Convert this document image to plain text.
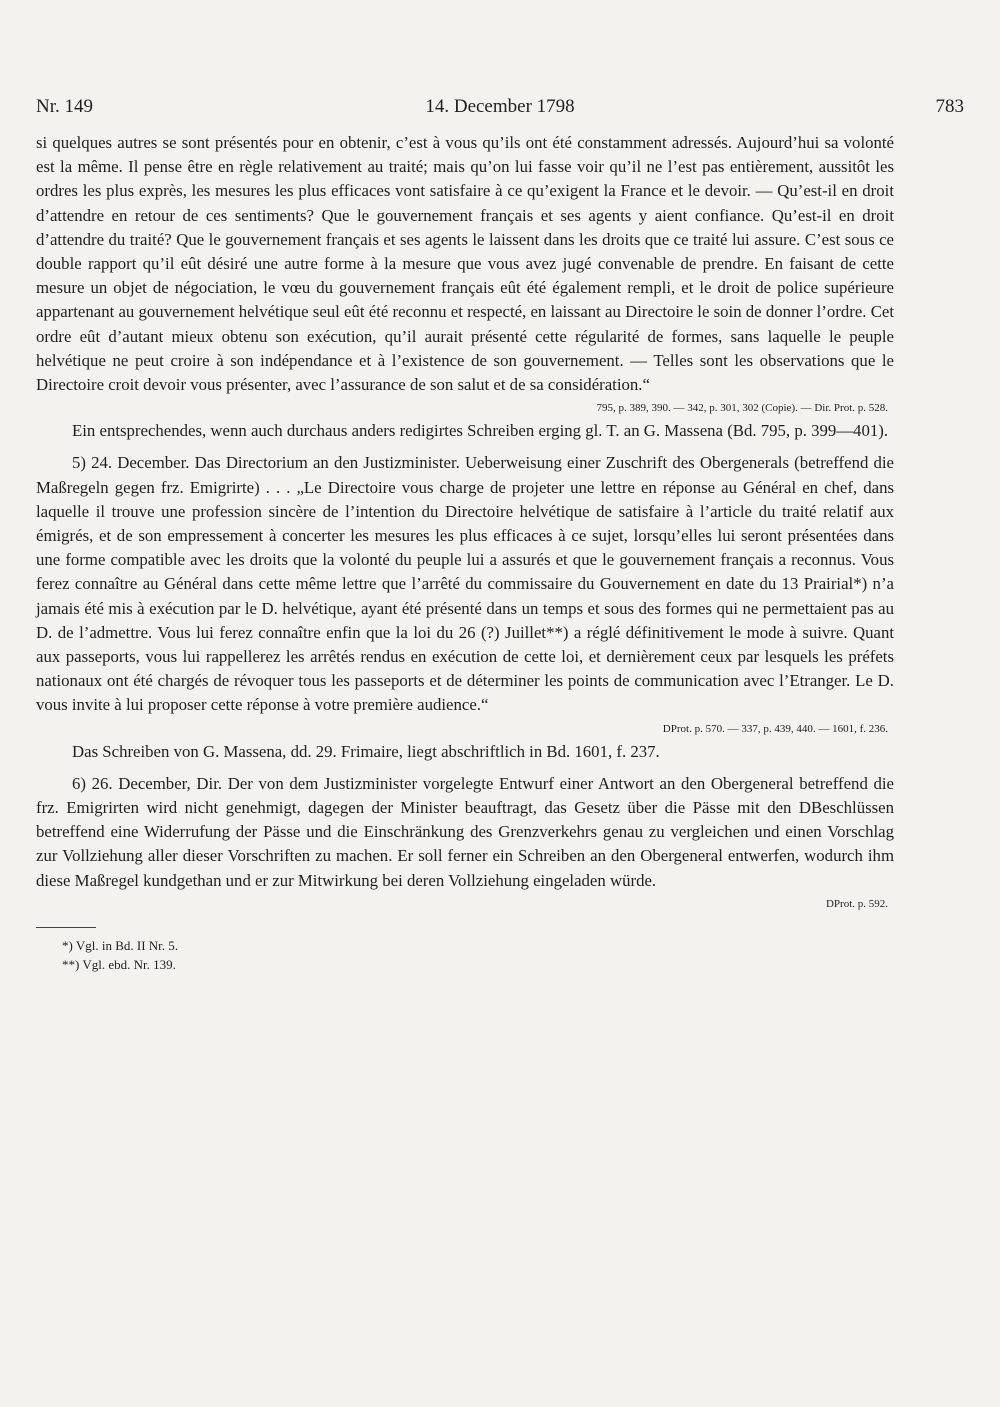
Nr. 149	14. December 1798	783

si quelques autres se sont présentés pour en obtenir, c’est à vous qu’ils ont été constamment adressés. Aujourd’hui sa volonté est la même. Il pense être en règle relativement au traité; mais qu’on lui fasse voir qu’il ne l’est pas entièrement, aussitôt les ordres les plus exprès, les mesures les plus efficaces vont satisfaire à ce qu’exigent la France et le devoir. — Qu’est-il en droit d’attendre en retour de ces sentiments? Que le gouvernement français et ses agents y aient confiance. Qu’est-il en droit d’attendre du traité? Que le gouvernement français et ses agents le laissent dans les droits que ce traité lui assure. C’est sous ce double rapport qu’il eût désiré une autre forme à la mesure que vous avez jugé convenable de prendre. En faisant de cette mesure un objet de négociation, le vœu du gouvernement français eût été également rempli, et le droit de police supérieure appartenant au gouvernement helvétique seul eût été reconnu et respecté, en laissant au Directoire le soin de donner l’ordre. Cet ordre eût d’autant mieux obtenu son exécution, qu’il aurait présenté cette régularité de formes, sans laquelle le peuple helvétique ne peut croire à son indépendance et à l’existence de son gouvernement. — Telles sont les observations que le Directoire croit devoir vous présenter, avec l’assurance de son salut et de sa considération.“

795, p. 389, 390. — 342, p. 301, 302 (Copie). — Dir. Prot. p. 528.

Ein entsprechendes, wenn auch durchaus anders redigirtes Schreiben erging gl. T. an G. Massena (Bd. 795, p. 399—401).

5) 24. December. Das Directorium an den Justizminister. Ueberweisung einer Zuschrift des Obergenerals (betreffend die Maßregeln gegen frz. Emigrirte) . . . „Le Directoire vous charge de projeter une lettre en réponse au Général en chef, dans laquelle il trouve une profession sincère de l’intention du Directoire helvétique de satisfaire à l’article du traité relatif aux émigrés, et de son empressement à concerter les mesures les plus efficaces à ce sujet, lorsqu’elles lui seront présentées dans une forme compatible avec les droits que la volonté du peuple lui a assurés et que le gouvernement français a reconnus. Vous ferez connaître au Général dans cette même lettre que l’arrêté du commissaire du Gouvernement en date du 13 Prairial*) n’a jamais été mis à exécution par le D. helvétique, ayant été présenté dans un temps et sous des formes qui ne permettaient pas au D. de l’admettre. Vous lui ferez connaître enfin que la loi du 26 (?) Juillet**) a réglé définitivement le mode à suivre. Quant aux passeports, vous lui rappellerez les arrêtés rendus en exécution de cette loi, et dernièrement ceux par lesquels les préfets nationaux ont été chargés de révoquer tous les passeports et de déterminer les points de communication avec l’Etranger. Le D. vous invite à lui proposer cette réponse à votre première audience.“

DProt. p. 570. — 337, p. 439, 440. — 1601, f. 236.

Das Schreiben von G. Massena, dd. 29. Frimaire, liegt abschriftlich in Bd. 1601, f. 237.

6) 26. December, Dir. Der von dem Justizminister vorgelegte Entwurf einer Antwort an den Obergeneral betreffend die frz. Emigrirten wird nicht genehmigt, dagegen der Minister beauftragt, das Gesetz über die Pässe mit den DBeschlüssen betreffend eine Widerrufung der Pässe und die Einschränkung des Grenzverkehrs genau zu vergleichen und einen Vorschlag zur Vollziehung aller dieser Vorschriften zu machen. Er soll ferner ein Schreiben an den Obergeneral entwerfen, wodurch ihm diese Maßregel kundgethan und er zur Mitwirkung bei deren Vollziehung eingeladen würde.

DProt. p. 592.
*) Vgl. in Bd. II Nr. 5.
**) Vgl. ebd. Nr. 139.
